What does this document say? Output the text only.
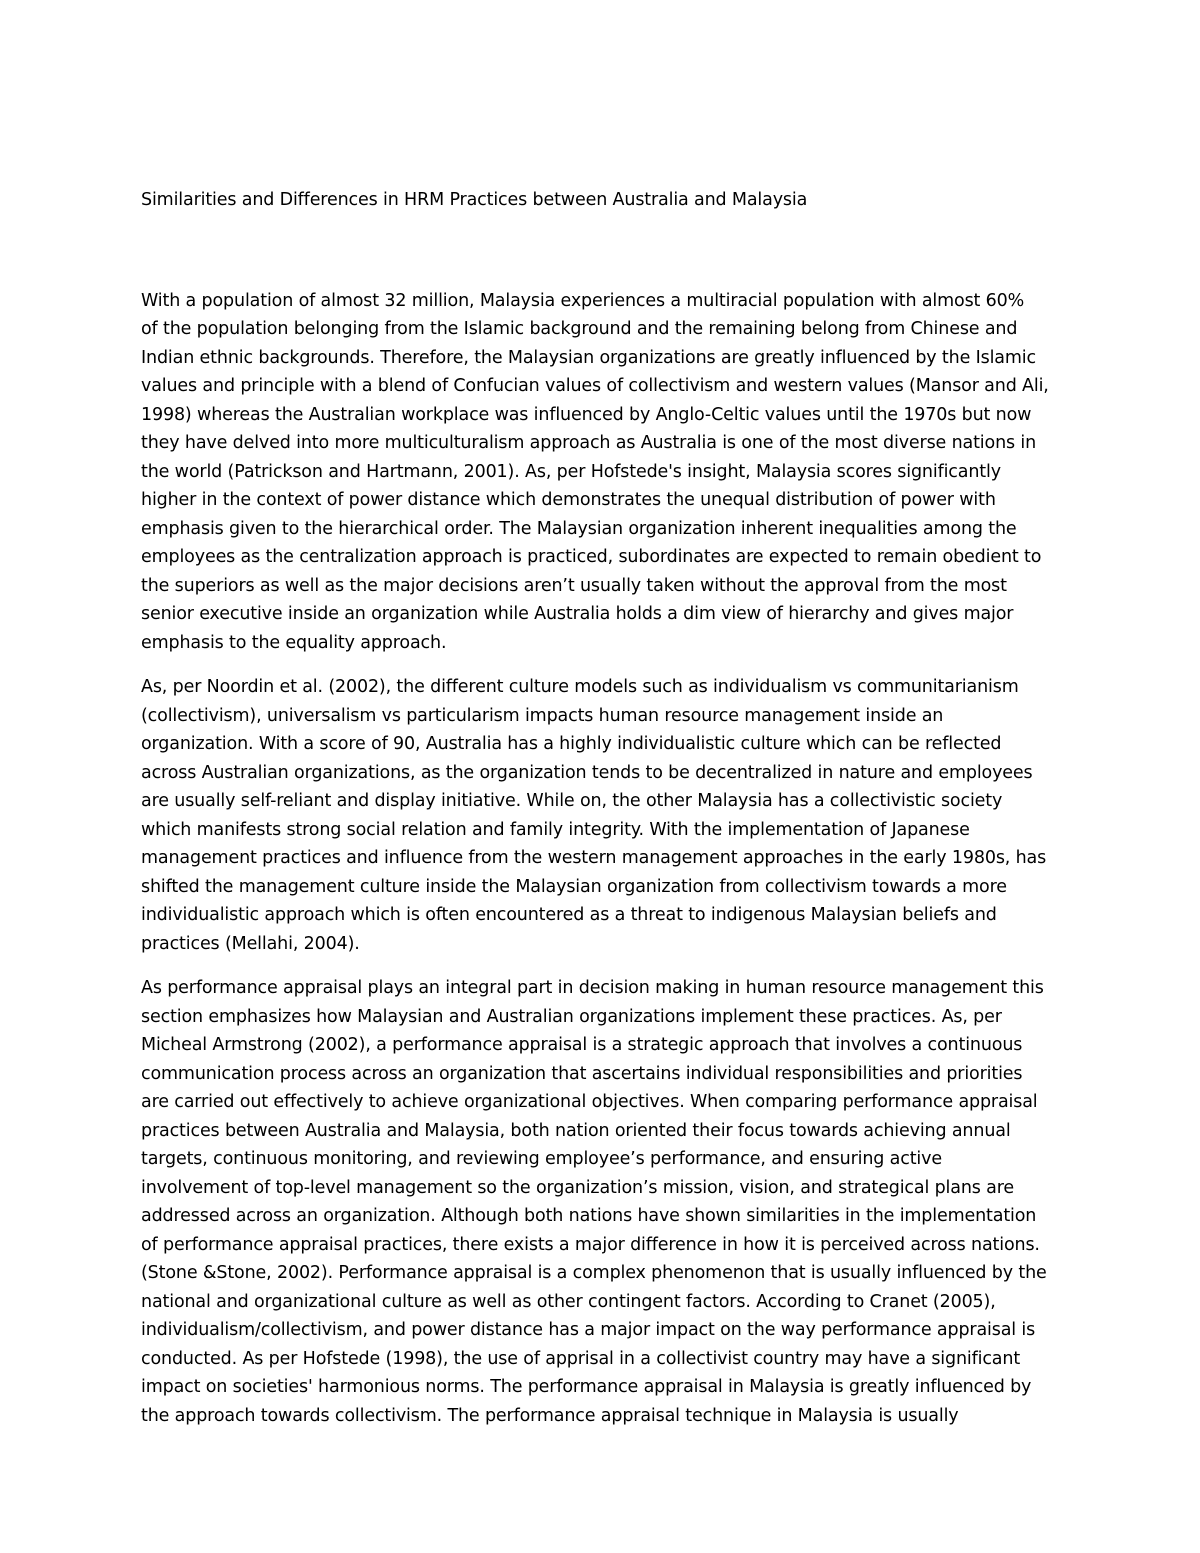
Similarities and Differences in HRM Practices between Australia and Malaysia

With a population of almost 32 million, Malaysia experiences a multiracial population with almost 60%
of the population belonging from the Islamic background and the remaining belong from Chinese and
Indian ethnic backgrounds. Therefore, the Malaysian organizations are greatly influenced by the Islamic
values and principle with a blend of Confucian values of collectivism and western values (Mansor and Ali,
1998) whereas the Australian workplace was influenced by Anglo-Celtic values until the 1970s but now
they have delved into more multiculturalism approach as Australia is one of the most diverse nations in
the world (Patrickson and Hartmann, 2001). As, per Hofstede's insight, Malaysia scores significantly
higher in the context of power distance which demonstrates the unequal distribution of power with
emphasis given to the hierarchical order. The Malaysian organization inherent inequalities among the
employees as the centralization approach is practiced, subordinates are expected to remain obedient to
the superiors as well as the major decisions aren’t usually taken without the approval from the most
senior executive inside an organization while Australia holds a dim view of hierarchy and gives major
emphasis to the equality approach.

As, per Noordin et al. (2002), the different culture models such as individualism vs communitarianism
(collectivism), universalism vs particularism impacts human resource management inside an
organization. With a score of 90, Australia has a highly individualistic culture which can be reflected
across Australian organizations, as the organization tends to be decentralized in nature and employees
are usually self-reliant and display initiative. While on, the other Malaysia has a collectivistic society
which manifests strong social relation and family integrity. With the implementation of Japanese
management practices and influence from the western management approaches in the early 1980s, has
shifted the management culture inside the Malaysian organization from collectivism towards a more
individualistic approach which is often encountered as a threat to indigenous Malaysian beliefs and
practices (Mellahi, 2004).

As performance appraisal plays an integral part in decision making in human resource management this
section emphasizes how Malaysian and Australian organizations implement these practices. As, per
Micheal Armstrong (2002), a performance appraisal is a strategic approach that involves a continuous
communication process across an organization that ascertains individual responsibilities and priorities
are carried out effectively to achieve organizational objectives. When comparing performance appraisal
practices between Australia and Malaysia, both nation oriented their focus towards achieving annual
targets, continuous monitoring, and reviewing employee’s performance, and ensuring active
involvement of top-level management so the organization’s mission, vision, and strategical plans are
addressed across an organization. Although both nations have shown similarities in the implementation
of performance appraisal practices, there exists a major difference in how it is perceived across nations.
(Stone &Stone, 2002). Performance appraisal is a complex phenomenon that is usually influenced by the
national and organizational culture as well as other contingent factors. According to Cranet (2005),
individualism/collectivism, and power distance has a major impact on the way performance appraisal is
conducted. As per Hofstede (1998), the use of apprisal in a collectivist country may have a significant
impact on societies' harmonious norms. The performance appraisal in Malaysia is greatly influenced by
the approach towards collectivism. The performance appraisal technique in Malaysia is usually
